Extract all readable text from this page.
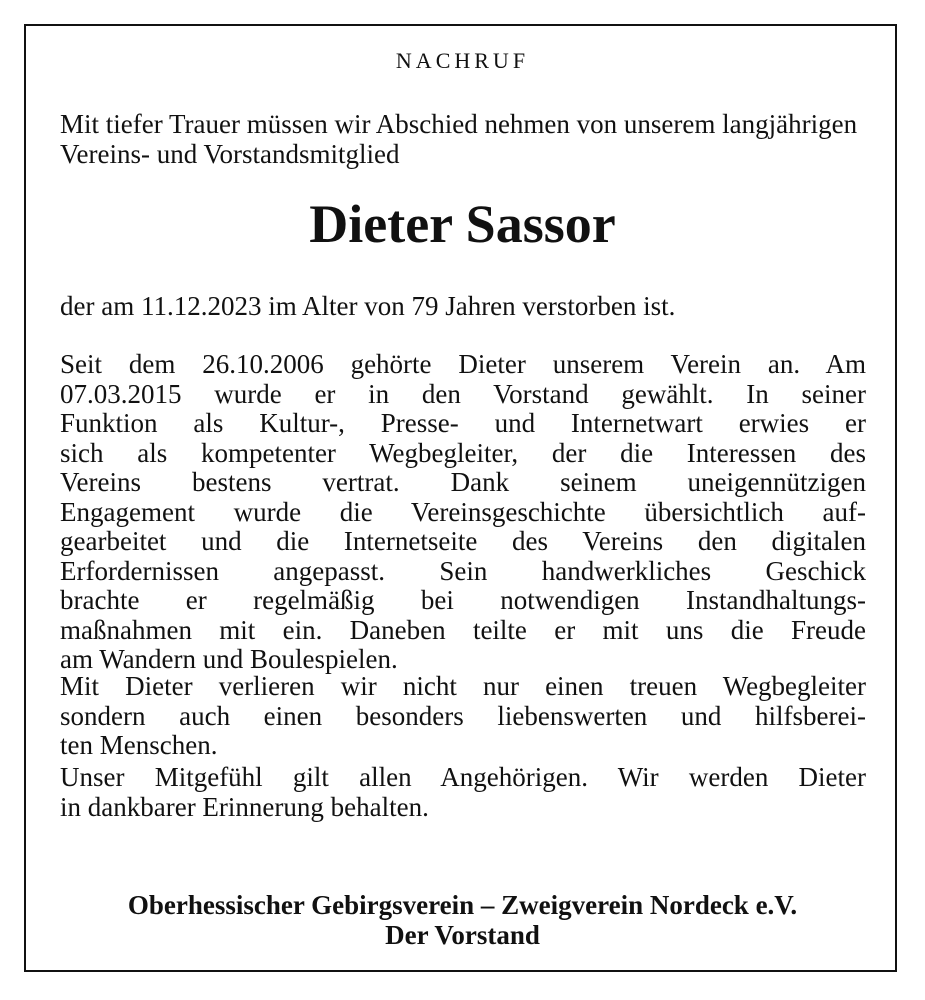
NACHRUF
Mit tiefer Trauer müssen wir Abschied nehmen von unserem langjährigen Vereins- und Vorstandsmitglied
Dieter Sassor
der am 11.12.2023 im Alter von 79 Jahren verstorben ist.
Seit dem 26.10.2006 gehörte Dieter unserem Verein an. Am
07.03.2015 wurde er in den Vorstand gewählt. In seiner
Funktion als Kultur-, Presse- und Internetwart erwies er
sich als kompetenter Wegbegleiter, der die Interessen des
Vereins bestens vertrat. Dank seinem uneigennützigen
Engagement wurde die Vereinsgeschichte übersichtlich auf-
gearbeitet und die Internetseite des Vereins den digitalen
Erfordernissen angepasst. Sein handwerkliches Geschick
brachte er regelmäßig bei notwendigen Instandhaltungs-
maßnahmen mit ein. Daneben teilte er mit uns die Freude
am Wandern und Boulespielen.
Mit Dieter verlieren wir nicht nur einen treuen Wegbegleiter
sondern auch einen besonders liebenswerten und hilfsberei-
ten Menschen.
Unser Mitgefühl gilt allen Angehörigen. Wir werden Dieter
in dankbarer Erinnerung behalten.
Oberhessischer Gebirgsverein – Zweigverein Nordeck e.V.
Der Vorstand
